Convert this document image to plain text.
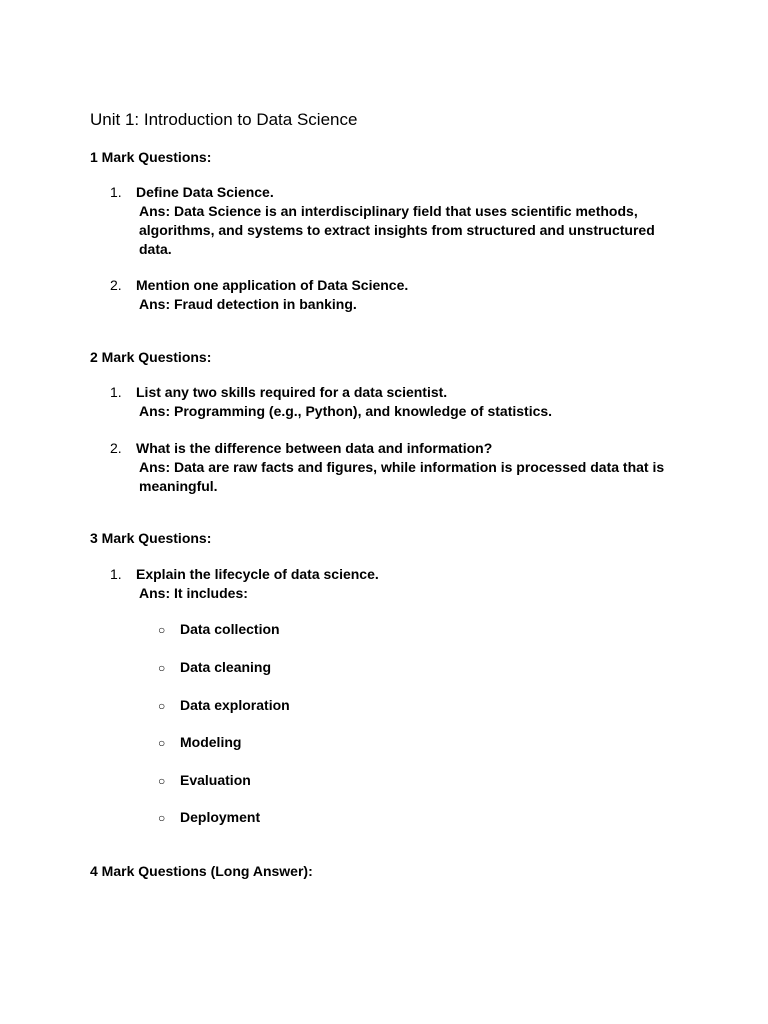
Unit 1: Introduction to Data Science
1 Mark Questions:
1. Define Data Science.
Ans: Data Science is an interdisciplinary field that uses scientific methods, algorithms, and systems to extract insights from structured and unstructured data.
2. Mention one application of Data Science.
Ans: Fraud detection in banking.
2 Mark Questions:
1. List any two skills required for a data scientist.
Ans: Programming (e.g., Python), and knowledge of statistics.
2. What is the difference between data and information?
Ans: Data are raw facts and figures, while information is processed data that is meaningful.
3 Mark Questions:
1. Explain the lifecycle of data science.
Ans: It includes:
○ Data collection
○ Data cleaning
○ Data exploration
○ Modeling
○ Evaluation
○ Deployment
4 Mark Questions (Long Answer):
